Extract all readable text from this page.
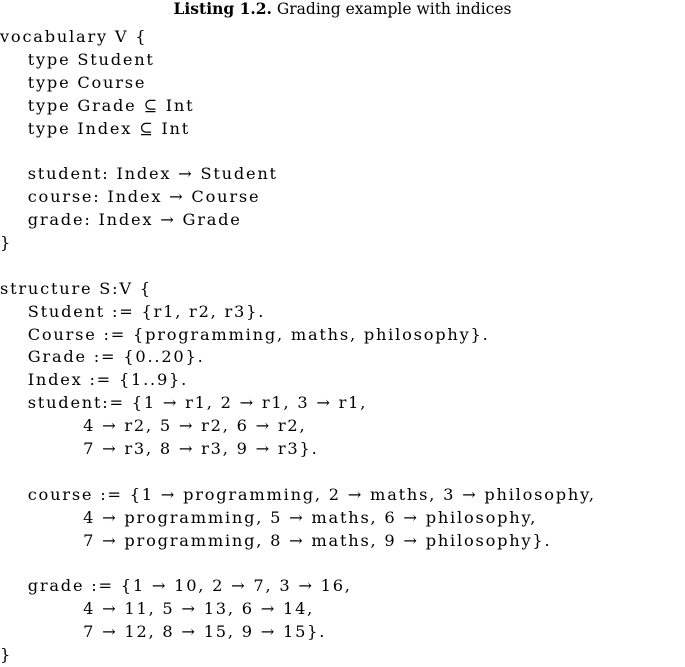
Listing 1.2. Grading example with indices
vocabulary V {
type Student
type Course
type Grade ⊆ Int
type Index ⊆ Int
student: Index → Student
course: Index → Course
grade: Index → Grade
}
structure S:V {
Student := {r1, r2, r3}.
Course := {programming, maths, philosophy}.
Grade := {0..20}.
Index := {1..9}.
student:= {1 → r1, 2 → r1, 3 → r1,
4 → r2, 5 → r2, 6 → r2,
7 → r3, 8 → r3, 9 → r3}.
course := {1 → programming, 2 → maths, 3 → philosophy,
4 → programming, 5 → maths, 6 → philosophy,
7 → programming, 8 → maths, 9 → philosophy}.
grade := {1 → 10, 2 → 7, 3 → 16,
4 → 11, 5 → 13, 6 → 14,
7 → 12, 8 → 15, 9 → 15}.
}
